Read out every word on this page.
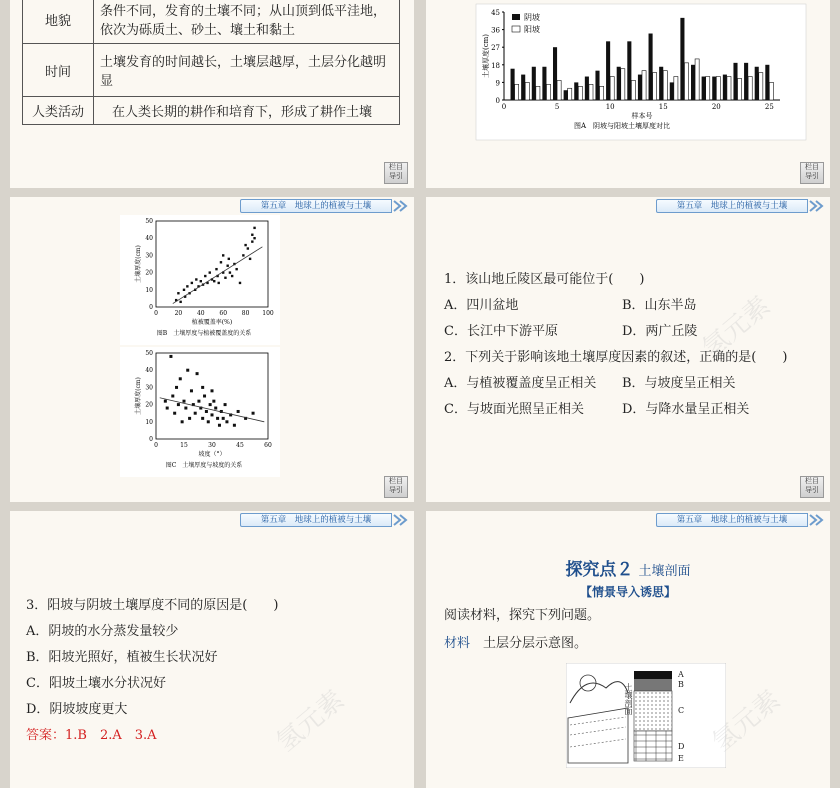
地貌	条件不同，发育的土壤不同；从山顶到低平洼地，依次为砾质土、砂土、壤土和黏土
时间	土壤发育的时间越长，土壤层越厚，土层分化越明显
人类活动	在人类长期的耕作和培育下，形成了耕作土壤
栏目
导引
0
9
18
27
36
45
0	5	10	15	20	25
样本号
土壤厚度(cm)
图A　阴坡与阳坡土壤厚度对比
阴坡
阳坡
栏目
导引
第五章　地球上的植被与土壤
0	20 40 60 80 100
0
10
20
30
40
50
植被覆盖率(%)
土壤厚度(cm)
图B　土壤厚度与植被覆盖度的关系
0	15	30	45	60
0
10
20
30
40
50
坡度（°）
土壤厚度(cm)
图C　土壤厚度与坡度的关系
栏目
导引
第五章　地球上的植被与土壤
1．该山地丘陵区最可能位于(　　)
A．四川盆地	B．山东半岛
C．长江中下游平原	D．两广丘陵
2．下列关于影响该地土壤厚度因素的叙述，正确的是(　　)
A．与植被覆盖度呈正相关	B．与坡度呈正相关
C．与坡面光照呈正相关	D．与降水量呈正相关
氢元素
栏目
导引
第五章　地球上的植被与土壤
3．阳坡与阴坡土壤厚度不同的原因是(　　)
A．阴坡的水分蒸发量较少
B．阳坡光照好，植被生长状况好
C．阳坡土壤水分状况好
D．阴坡坡度更大
答案：1.B　2.A　3.A	氢元素
第五章　地球上的植被与土壤
探究点２ 土壤剖面
【情景导入诱思】
阅读材料，探究下列问题。
材料　 土层分层示意图。
A
B
C
D
E
土壤剖面	氢元素
